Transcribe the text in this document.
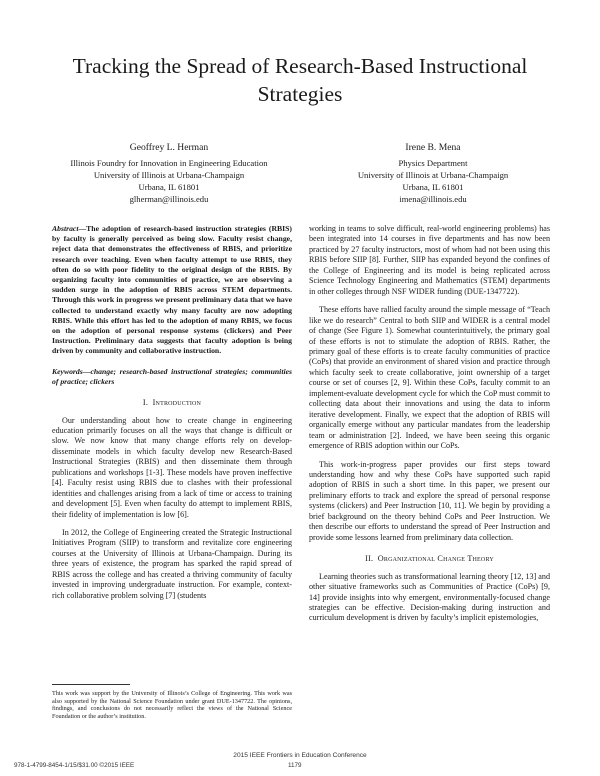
Tracking the Spread of Research-Based Instructional Strategies
Geoffrey L. Herman
Illinois Foundry for Innovation in Engineering Education
University of Illinois at Urbana-Champaign
Urbana, IL 61801
glherman@illinois.edu
Irene B. Mena
Physics Department
University of Illinois at Urbana-Champaign
Urbana, IL 61801
imena@illinois.edu

Abstract—The adoption of research-based instruction strategies (RBIS) by faculty is generally perceived as being slow. Faculty resist change, reject data that demonstrates the effectiveness of RBIS, and prioritize research over teaching. Even when faculty attempt to use RBIS, they often do so with poor fidelity to the original design of the RBIS. By organizing faculty into communities of practice, we are observing a sudden surge in the adoption of RBIS across STEM departments. Through this work in progress we present preliminary data that we have collected to understand exactly why many faculty are now adopting RBIS. While this effort has led to the adoption of many RBIS, we focus on the adoption of personal response systems (clickers) and Peer Instruction. Preliminary data suggests that faculty adoption is being driven by community and collaborative instruction.

Keywords—change; research-based instructional strategies; communities of practice; clickers

I. Introduction

Our understanding about how to create change in engineering education primarily focuses on all the ways that change is difficult or slow. We now know that many change efforts rely on develop-disseminate models in which faculty develop new Research-Based Instructional Strategies (RBIS) and then disseminate them through publications and workshops [1-3]. These models have proven ineffective [4]. Faculty resist using RBIS due to clashes with their professional identities and challenges arising from a lack of time or access to training and development [5]. Even when faculty do attempt to implement RBIS, their fidelity of implementation is low [6].

In 2012, the College of Engineering created the Strategic Instructional Initiatives Program (SIIP) to transform and revitalize core engineering courses at the University of Illinois at Urbana-Champaign. During its three years of existence, the program has sparked the rapid spread of RBIS across the college and has created a thriving community of faculty invested in improving undergraduate instruction. For example, context-rich collaborative problem solving [7] (students

working in teams to solve difficult, real-world engineering problems) has been integrated into 14 courses in five departments and has now been practiced by 27 faculty instructors, most of whom had not been using this RBIS before SIIP [8]. Further, SIIP has expanded beyond the confines of the College of Engineering and its model is being replicated across Science Technology Engineering and Mathematics (STEM) departments in other colleges through NSF WIDER funding (DUE-1347722).

These efforts have rallied faculty around the simple message of “Teach like we do research” Central to both SIIP and WIDER is a central model of change (See Figure 1). Somewhat counterintuitively, the primary goal of these efforts is not to stimulate the adoption of RBIS. Rather, the primary goal of these efforts is to create faculty communities of practice (CoPs) that provide an environment of shared vision and practice through which faculty seek to create collaborative, joint ownership of a target course or set of courses [2, 9]. Within these CoPs, faculty commit to an implement-evaluate development cycle for which the CoP must commit to collecting data about their innovations and using the data to inform iterative development. Finally, we expect that the adoption of RBIS will organically emerge without any particular mandates from the leadership team or administration [2]. Indeed, we have been seeing this organic emergence of RBIS adoption within our CoPs.

This work-in-progress paper provides our first steps toward understanding how and why these CoPs have supported such rapid adoption of RBIS in such a short time. In this paper, we present our preliminary efforts to track and explore the spread of personal response systems (clickers) and Peer Instruction [10, 11]. We begin by providing a brief background on the theory behind CoPs and Peer Instruction. We then describe our efforts to understand the spread of Peer Instruction and provide some lessons learned from preliminary data collection.

II. Organizational Change Theory

Learning theories such as transformational learning theory [12, 13] and other situative frameworks such as Communities of Practice (CoPs) [9, 14] provide insights into why emergent, environmentally-focused change strategies can be effective. Decision-making during instruction and curriculum development is driven by faculty’s implicit epistemologies,

This work was support by the University of Illinois’s College of Engineering. This work was also supported by the National Science Foundation under grant DUE-1347722. The opinions, findings, and conclusions do not necessarily reflect the views of the National Science Foundation or the author’s institution.
2015 IEEE Frontiers in Education Conference
978-1-4799-8454-1/15/$31.00 ©2015 IEEE	1179
